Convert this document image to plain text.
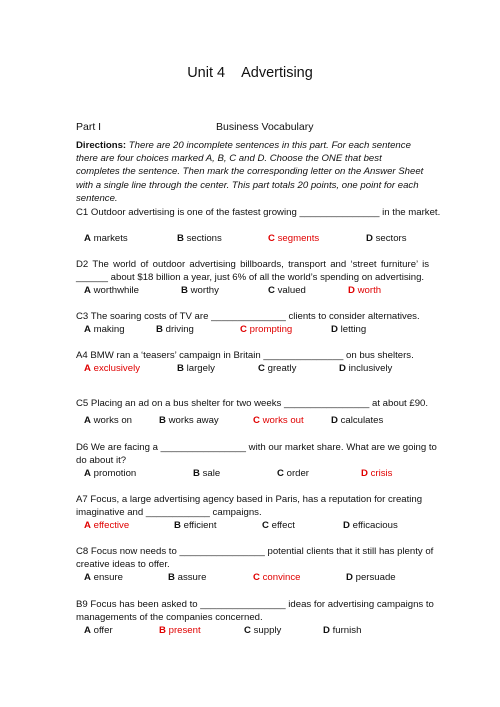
Unit 4 Advertising
Part I	Business Vocabulary
Directions: There are 20 incomplete sentences in this part. For each sentence there are four choices marked A, B, C and D. Choose the ONE that best completes the sentence. Then mark the corresponding letter on the Answer Sheet with a single line through the center. This part totals 20 points, one point for each sentence.
C1 Outdoor advertising is one of the fastest growing _______________ in the market.
A markets	B sections	C segments	D sectors
D2 The world of outdoor advertising billboards, transport and ‘street furniture’ is
______ about $18 billion a year, just 6% of all the world’s spending on advertising.
A worthwhile	B worthy	C valued	D worth
C3 The soaring costs of TV are ______________ clients to consider alternatives.
A making	B driving	C prompting	D letting
A4 BMW ran a ‘teasers’ campaign in Britain _______________ on bus shelters.
A exclusively	B largely	C greatly	D inclusively
C5 Placing an ad on a bus shelter for two weeks ________________ at about £90.
A works on	B works away	C works out	D calculates
D6 We are facing a ________________ with our market share. What are we going to
do about it?
A promotion	B sale	C order	D crisis
A7 Focus, a large advertising agency based in Paris, has a reputation for creating
imaginative and ____________ campaigns.
A effective	B efficient	C effect	D efficacious
C8 Focus now needs to ________________ potential clients that it still has plenty of
creative ideas to offer.
A ensure	B assure	C convince	D persuade
B9 Focus has been asked to ________________ ideas for advertising campaigns to
managements of the companies concerned.
A offer	B present	C supply	D furnish
